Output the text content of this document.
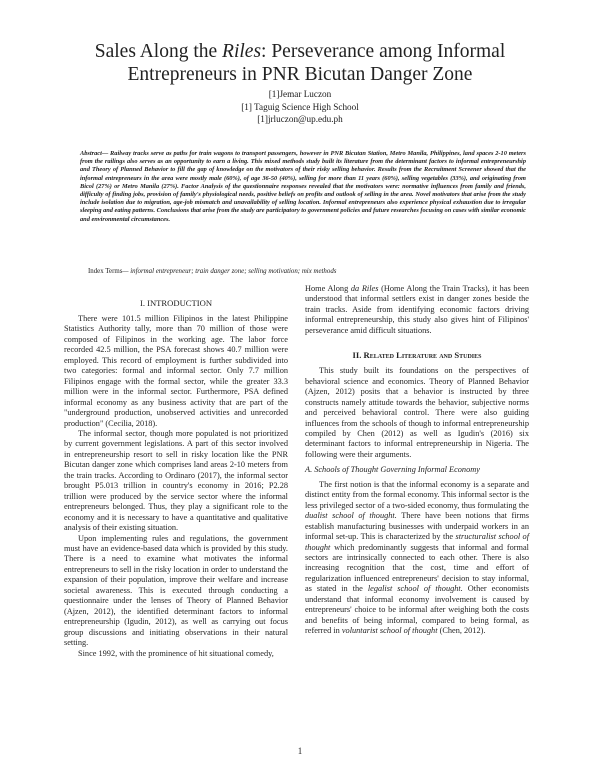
Sales Along the Riles: Perseverance among Informal Entrepreneurs in PNR Bicutan Danger Zone
[1]Jemar Luczon
[1] Taguig Science High School
[1]jrluczon@up.edu.ph
Abstract— Railway tracks serve as paths for train wagons to transport passengers, however in PNR Bicutan Station, Metro Manila, Philippines, land spaces 2-10 meters from the railings also serves as an opportunity to earn a living. This mixed methods study built its literature from the determinant factors to informal entrepreneurship and Theory of Planned Behavior to fill the gap of knowledge on the motivators of their risky selling behavior. Results from the Recruitment Screener showed that the informal entrepreneurs in the area were mostly male (60%), of age 36-50 (40%), selling for more than 11 years (60%), selling vegetables (33%), and originating from Bicol (27%) or Metro Manila (27%). Factor Analysis of the questionnaire responses revealed that the motivators were: normative influences from family and friends, difficulty of finding jobs, provision of family's physiological needs, positive beliefs on profits and outlook of selling in the area. Novel motivators that arise from the study include isolation due to migration, age-job mismatch and unavailability of selling location. Informal entrepreneurs also experience physical exhaustion due to irregular sleeping and eating patterns. Conclusions that arise from the study are participatory to government policies and future researches focusing on cases with similar economic and environmental circumstances.
Index Terms— informal entrepreneur; train danger zone; selling motivation; mix methods
I. INTRODUCTION

There were 101.5 million Filipinos in the latest Philippine Statistics Authority tally, more than 70 million of those were composed of Filipinos in the working age. The labor force recorded 42.5 million, the PSA forecast shows 40.7 million were employed. This record of employment is further subdivided into two categories: formal and informal sector. Only 7.7 million Filipinos engage with the formal sector, while the greater 33.3 million were in the informal sector. Furthermore, PSA defined informal economy as any business activity that are part of the "underground production, unobserved activities and unrecorded production" (Cecilia, 2018).

The informal sector, though more populated is not prioritized by current government legislations. A part of this sector involved in entrepreneurship resort to sell in risky location like the PNR Bicutan danger zone which comprises land areas 2-10 meters from the train tracks. According to Ordinaro (2017), the informal sector brought P5.013 trillion in country's economy in 2016; P2.28 trillion were produced by the service sector where the informal entrepreneurs belonged. Thus, they play a significant role to the economy and it is necessary to have a quantitative and qualitative analysis of their existing situation.

Upon implementing rules and regulations, the government must have an evidence-based data which is provided by this study. There is a need to examine what motivates the informal entrepreneurs to sell in the risky location in order to understand the expansion of their population, improve their welfare and increase societal awareness. This is executed through conducting a questionnaire under the lenses of Theory of Planned Behavior (Ajzen, 2012), the identified determinant factors to informal entrepreneurship (Igudin, 2012), as well as carrying out focus group discussions and initiating observations in their natural setting.

Since 1992, with the prominence of hit situational comedy,

Home Along da Riles (Home Along the Train Tracks), it has been understood that informal settlers exist in danger zones beside the train tracks. Aside from identifying economic factors driving informal entrepreneurship, this study also gives hint of Filipinos' perseverance amid difficult situations.

II. Related Literature and Studies

This study built its foundations on the perspectives of behavioral science and economics. Theory of Planned Behavior (Ajzen, 2012) posits that a behavior is instructed by three constructs namely attitude towards the behavior, subjective norms and perceived behavioral control. There were also guiding influences from the schools of though to informal entrepreneurship compiled by Chen (2012) as well as Igudin's (2016) six determinant factors to informal entrepreneurship in Nigeria. The following were their arguments.

A. Schools of Thought Governing Informal Economy

The first notion is that the informal economy is a separate and distinct entity from the formal economy. This informal sector is the less privileged sector of a two-sided economy, thus formulating the dualist school of thought. There have been notions that firms establish manufacturing businesses with underpaid workers in an informal set-up. This is characterized by the structuralist school of thought which predominantly suggests that informal and formal sectors are intrinsically connected to each other. There is also increasing recognition that the cost, time and effort of regularization influenced entrepreneurs' decision to stay informal, as stated in the legalist school of thought. Other economists understand that informal economy involvement is caused by entrepreneurs' choice to be informal after weighing both the costs and benefits of being informal, compared to being formal, as referred in voluntarist school of thought (Chen, 2012).

1
